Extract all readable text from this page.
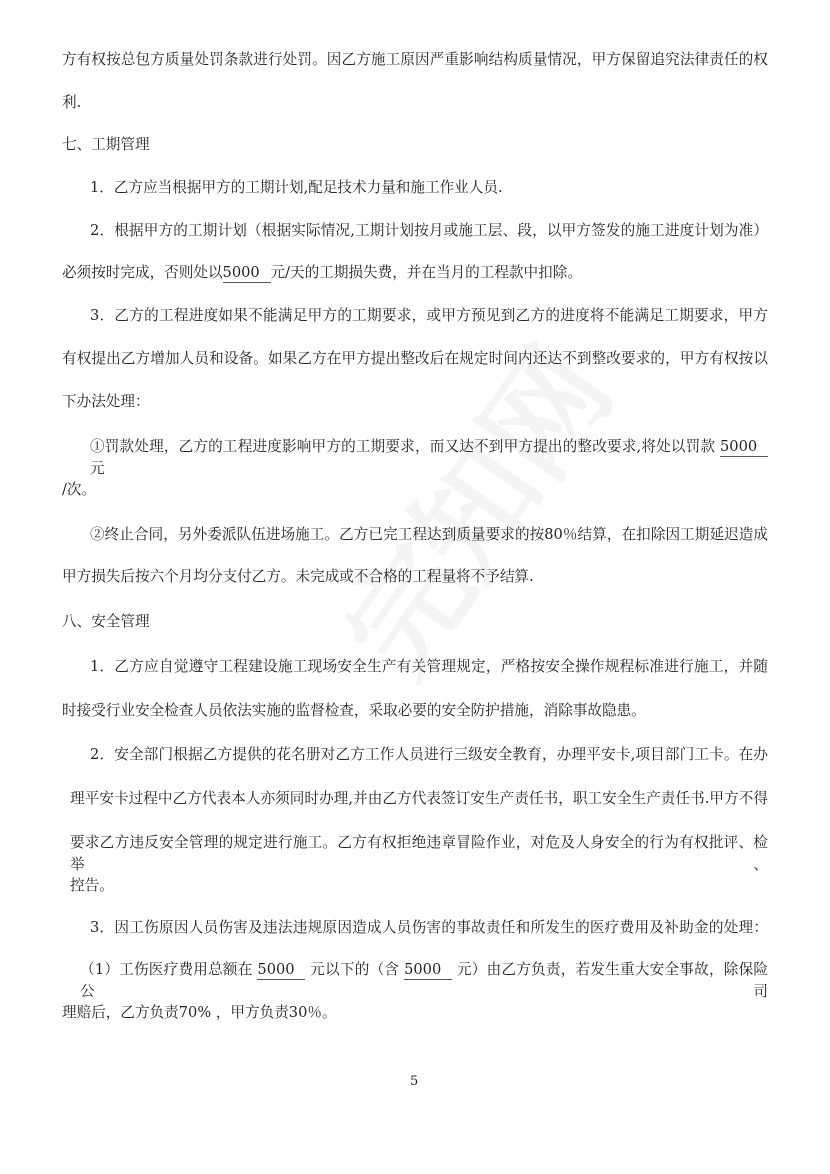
方有权按总包方质量处罚条款进行处罚。因乙方施工原因严重影响结构质量情况，甲方保留追究法律责任的权
利.
七、工期管理
1．乙方应当根据甲方的工期计划,配足技术力量和施工作业人员.
2．根据甲方的工期计划（根据实际情况,工期计划按月或施工层、段，以甲方签发的施工进度计划为准）
必须按时完成，否则处以5000 元/天的工期损失费，并在当月的工程款中扣除。
3．乙方的工程进度如果不能满足甲方的工期要求，或甲方预见到乙方的进度将不能满足工期要求，甲方
有权提出乙方增加人员和设备。如果乙方在甲方提出整改后在规定时间内还达不到整改要求的，甲方有权按以
下办法处理：
①罚款处理，乙方的工程进度影响甲方的工期要求，而又达不到甲方提出的整改要求,将处以罚款 5000 元
/次。
②终止合同，另外委派队伍进场施工。乙方已完工程达到质量要求的按80％结算，在扣除因工期延迟造成
甲方损失后按六个月均分支付乙方。未完成或不合格的工程量将不予结算.
八、安全管理
1．乙方应自觉遵守工程建设施工现场安全生产有关管理规定，严格按安全操作规程标准进行施工，并随
时接受行业安全检查人员依法实施的监督检查，采取必要的安全防护措施，消除事故隐患。
2．安全部门根据乙方提供的花名册对乙方工作人员进行三级安全教育，办理平安卡,项目部门工卡。在办
理平安卡过程中乙方代表本人亦须同时办理,并由乙方代表签订安生产责任书，职工安全生产责任书.甲方不得
要求乙方违反安全管理的规定进行施工。乙方有权拒绝违章冒险作业，对危及人身安全的行为有权批评、检举、
控告。
3．因工伤原因人员伤害及违法违规原因造成人员伤害的事故责任和所发生的医疗费用及补助金的处理：
（1）工伤医疗费用总额在 5000 元以下的（含 5000 元）由乙方负责，若发生重大安全事故，除保险公司
理赔后，乙方负责70% ，甲方负责30％。
5
